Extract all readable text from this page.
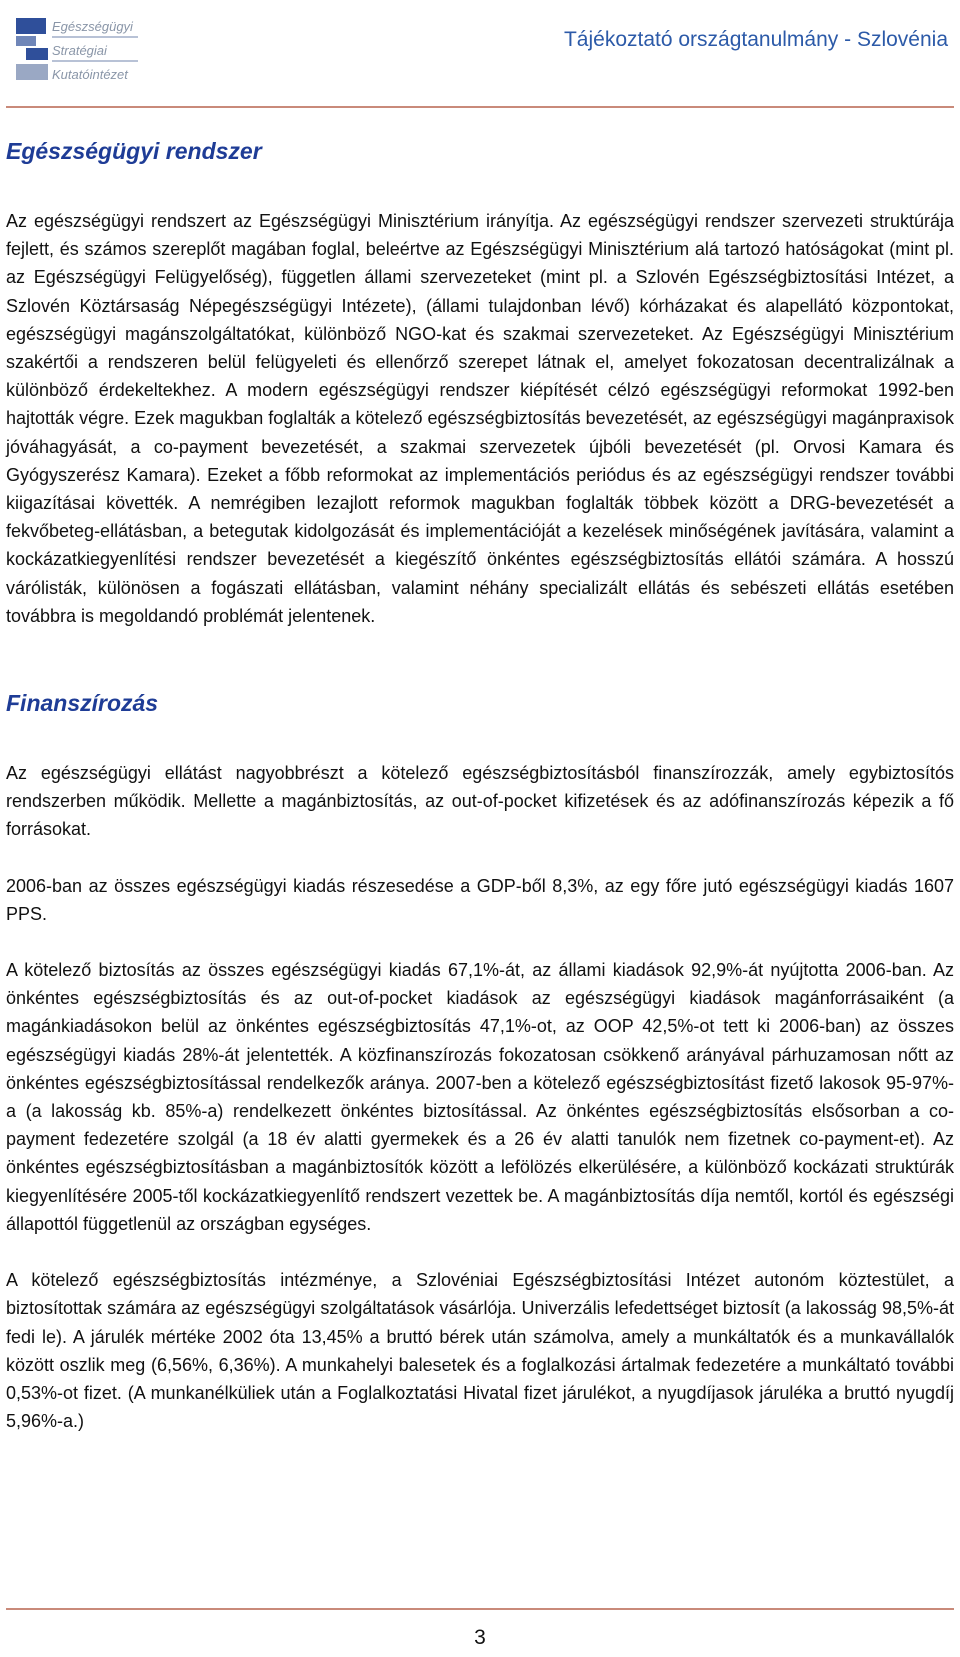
Egészségügyi
Stratégiai
Kutatóintézet
Tájékoztató országtanulmány - Szlovénia
Egészségügyi rendszer

Az egészségügyi rendszert az Egészségügyi Minisztérium irányítja. Az egészségügyi rendszer szervezeti struktúrája fejlett, és számos szereplőt magában foglal, beleértve az Egészségügyi Minisztérium alá tartozó hatóságokat (mint pl. az Egészségügyi Felügyelőség), független állami szervezeteket (mint pl. a Szlovén Egészségbiztosítási Intézet, a Szlovén Köztársaság Népegészségügyi Intézete), (állami tulajdonban lévő) kórházakat és alapellátó központokat, egészségügyi magánszolgáltatókat, különböző NGO-kat és szakmai szervezeteket. Az Egészségügyi Minisztérium szakértői a rendszeren belül felügyeleti és ellenőrző szerepet látnak el, amelyet fokozatosan decentralizálnak a különböző érdekeltekhez. A modern egészségügyi rendszer kiépítését célzó egészségügyi reformokat 1992-ben hajtották végre. Ezek magukban foglalták a kötelező egészségbiztosítás bevezetését, az egészségügyi magánpraxisok jóváhagyását, a co-payment bevezetését, a szakmai szervezetek újbóli bevezetését (pl. Orvosi Kamara és Gyógyszerész Kamara). Ezeket a főbb reformokat az implementációs periódus és az egészségügyi rendszer további kiigazításai követték. A nemrégiben lezajlott reformok magukban foglalták többek között a DRG-bevezetését a fekvőbeteg-ellátásban, a betegutak kidolgozását és implementációját a kezelések minőségének javítására, valamint a kockázatkiegyenlítési rendszer bevezetését a kiegészítő önkéntes egészségbiztosítás ellátói számára. A hosszú várólisták, különösen a fogászati ellátásban, valamint néhány specializált ellátás és sebészeti ellátás esetében továbbra is megoldandó problémát jelentenek.

Finanszírozás

Az egészségügyi ellátást nagyobbrészt a kötelező egészségbiztosításból finanszírozzák, amely egybiztosítós rendszerben működik. Mellette a magánbiztosítás, az out-of-pocket kifizetések és az adófinanszírozás képezik a fő forrásokat.

2006-ban az összes egészségügyi kiadás részesedése a GDP-ből 8,3%, az egy főre jutó egészségügyi kiadás 1607 PPS.

A kötelező biztosítás az összes egészségügyi kiadás 67,1%-át, az állami kiadások 92,9%-át nyújtotta 2006-ban. Az önkéntes egészségbiztosítás és az out-of-pocket kiadások az egészségügyi kiadások magánforrásaiként (a magánkiadásokon belül az önkéntes egészségbiztosítás 47,1%-ot, az OOP 42,5%-ot tett ki 2006-ban) az összes egészségügyi kiadás 28%-át jelentették. A közfinanszírozás fokozatosan csökkenő arányával párhuzamosan nőtt az önkéntes egészségbiztosítással rendelkezők aránya. 2007-ben a kötelező egészségbiztosítást fizető lakosok 95-97%-a (a lakosság kb. 85%-a) rendelkezett önkéntes biztosítással. Az önkéntes egészségbiztosítás elsősorban a co-payment fedezetére szolgál (a 18 év alatti gyermekek és a 26 év alatti tanulók nem fizetnek co-payment-et). Az önkéntes egészségbiztosításban a magánbiztosítók között a lefölözés elkerülésére, a különböző kockázati struktúrák kiegyenlítésére 2005-től kockázatkiegyenlítő rendszert vezettek be. A magánbiztosítás díja nemtől, kortól és egészségi állapottól függetlenül az országban egységes.

A kötelező egészségbiztosítás intézménye, a Szlovéniai Egészségbiztosítási Intézet autonóm köztestület, a biztosítottak számára az egészségügyi szolgáltatások vásárlója. Univerzális lefedettséget biztosít (a lakosság 98,5%-át fedi le). A járulék mértéke 2002 óta 13,45% a bruttó bérek után számolva, amely a munkáltatók és a munkavállalók között oszlik meg (6,56%, 6,36%). A munkahelyi balesetek és a foglalkozási ártalmak fedezetére a munkáltató további 0,53%-ot fizet. (A munkanélküliek után a Foglalkoztatási Hivatal fizet járulékot, a nyugdíjasok járuléka a bruttó nyugdíj 5,96%-a.)

3
